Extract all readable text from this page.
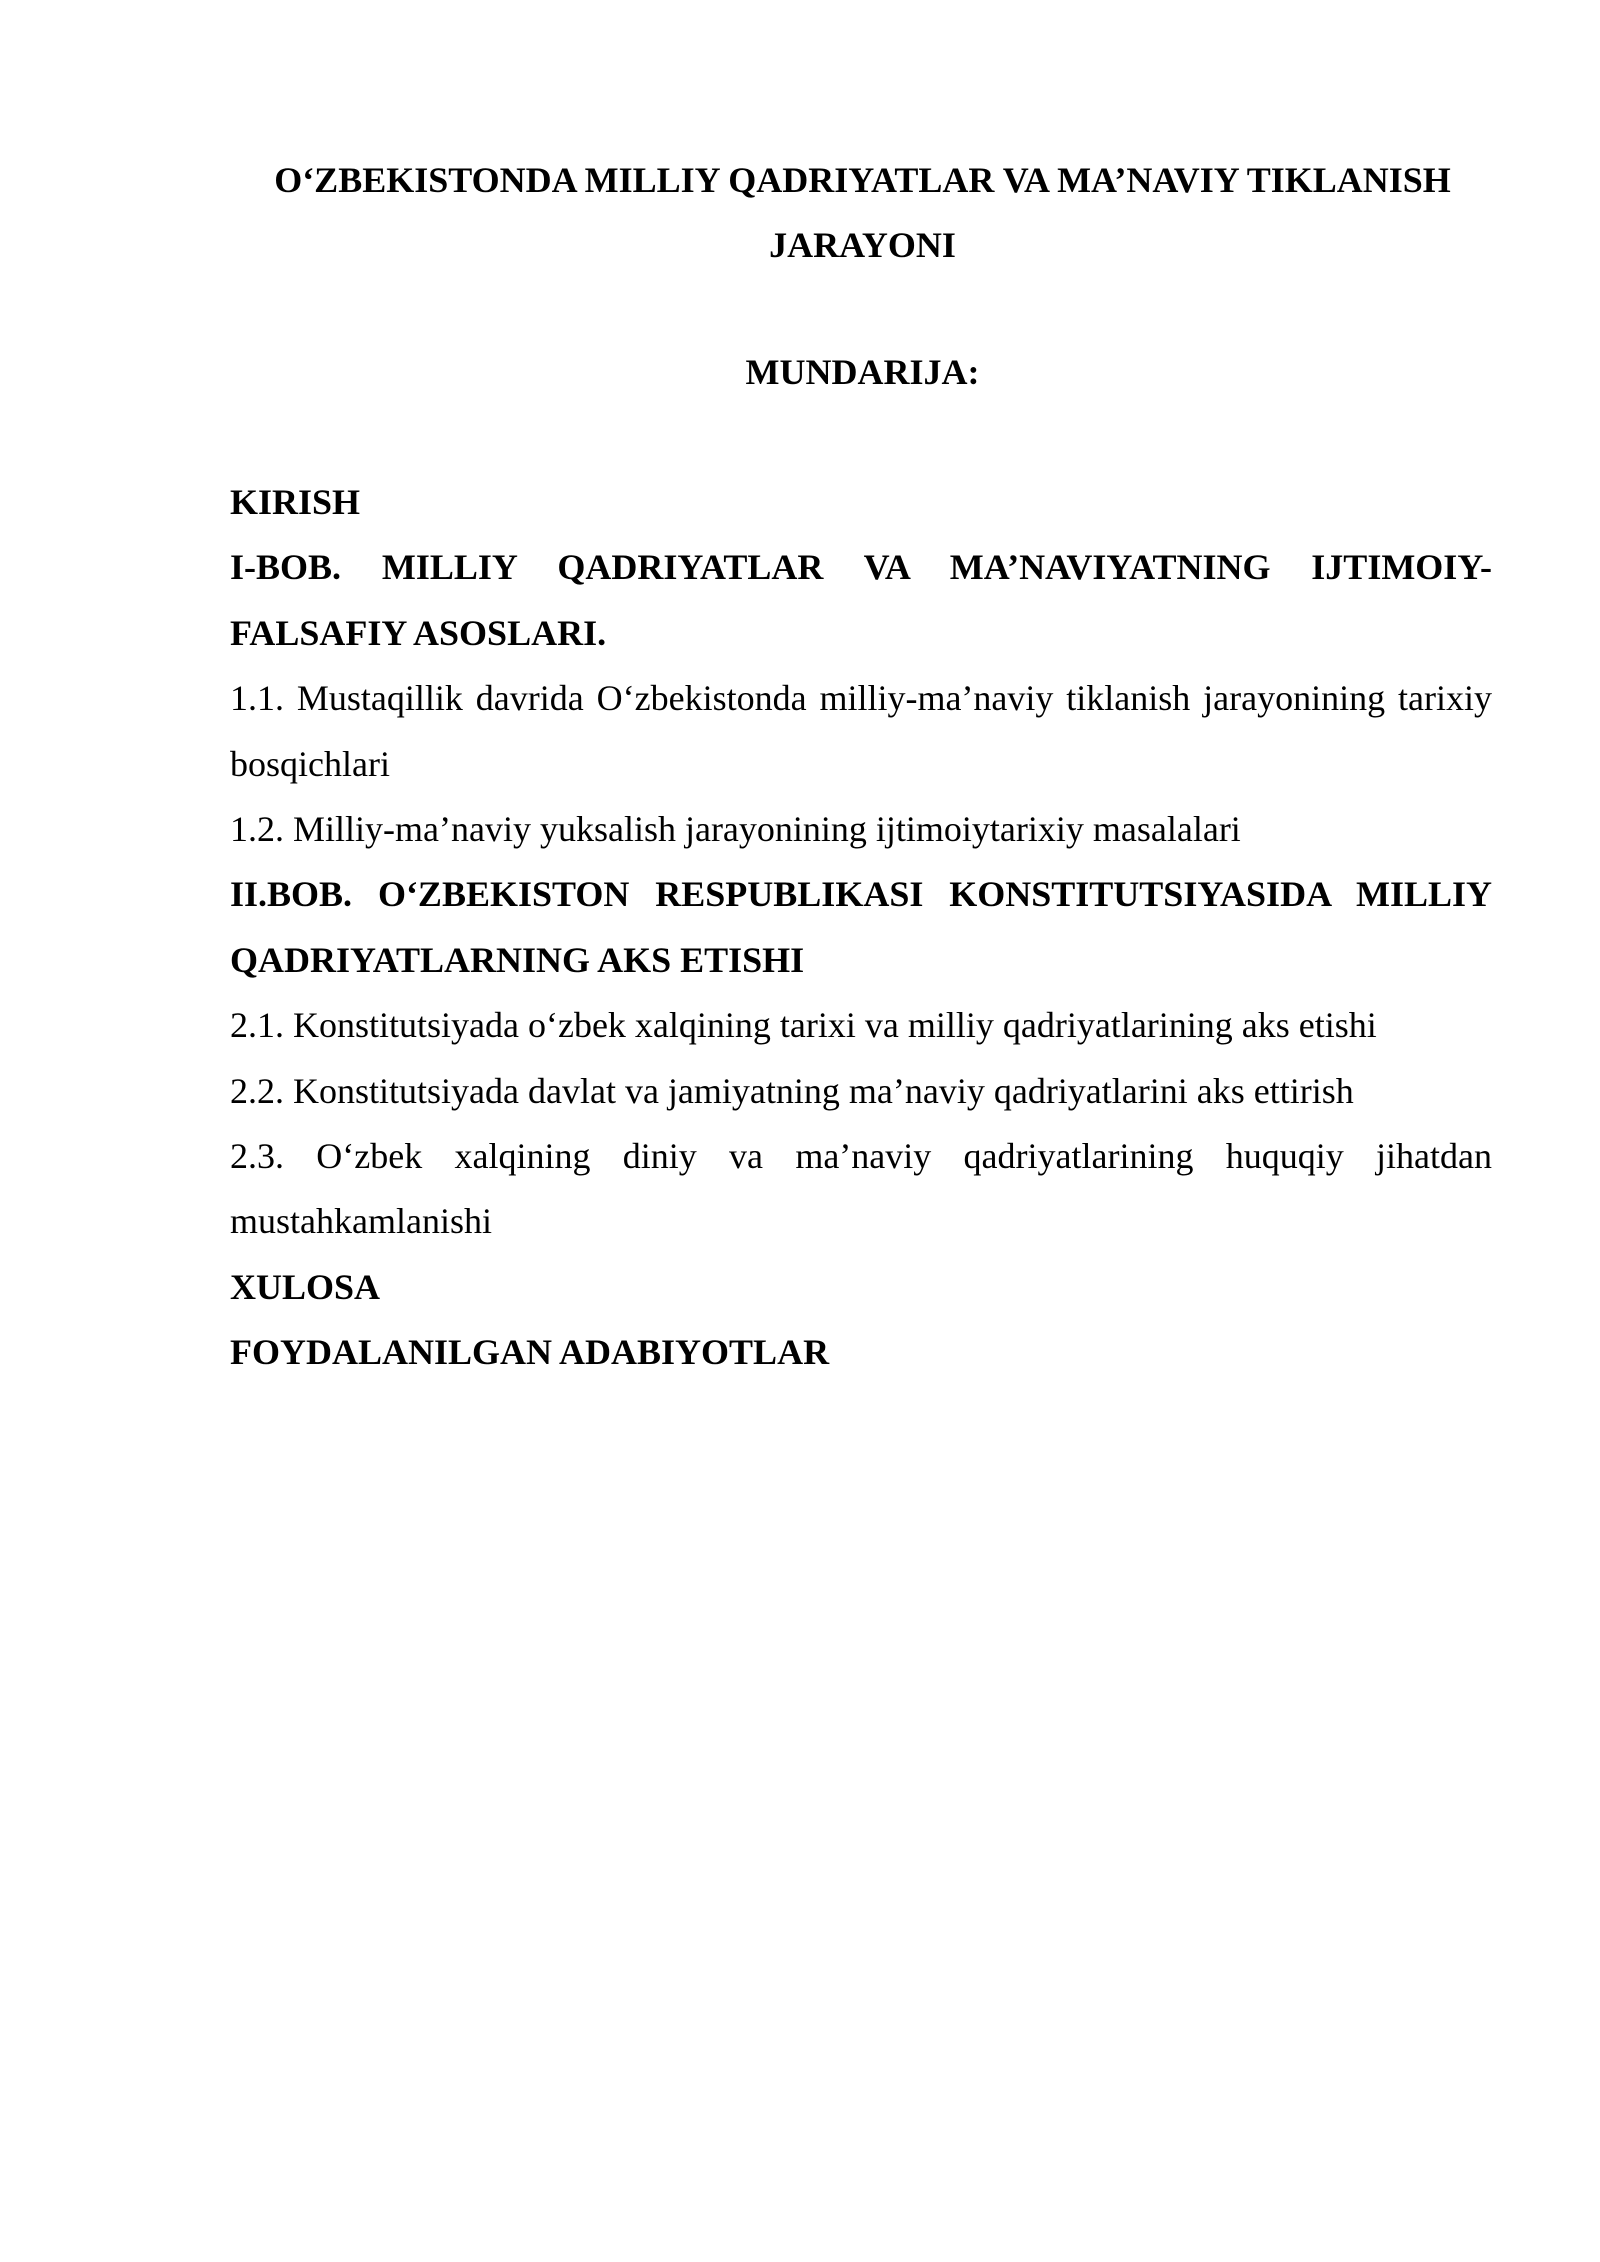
O‘ZBEKISTONDA MILLIY QADRIYATLAR VA MA’NAVIY TIKLANISH JARAYONI
MUNDARIJA:
KIRISH
I-BOB. MILLIY QADRIYATLAR VA MA’NAVIYATNING IJTIMOIY-FALSAFIY ASOSLARI.
1.1. Mustaqillik davrida O‘zbekistonda milliy-ma’naviy tiklanish jarayonining tarixiy bosqichlari
1.2. Milliy-ma’naviy yuksalish jarayonining ijtimoiytarixiy masalalari
II.BOB. O‘ZBEKISTON RESPUBLIKASI KONSTITUTSIYASIDA MILLIY QADRIYATLARNING AKS ETISHI
2.1. Konstitutsiyada o‘zbek xalqining tarixi va milliy qadriyatlarining aks etishi
2.2. Konstitutsiyada davlat va jamiyatning ma’naviy qadriyatlarini aks ettirish
2.3. O‘zbek xalqining diniy va ma’naviy qadriyatlarining huquqiy jihatdan mustahkamlanishi
XULOSA
FOYDALANILGAN ADABIYOTLAR
